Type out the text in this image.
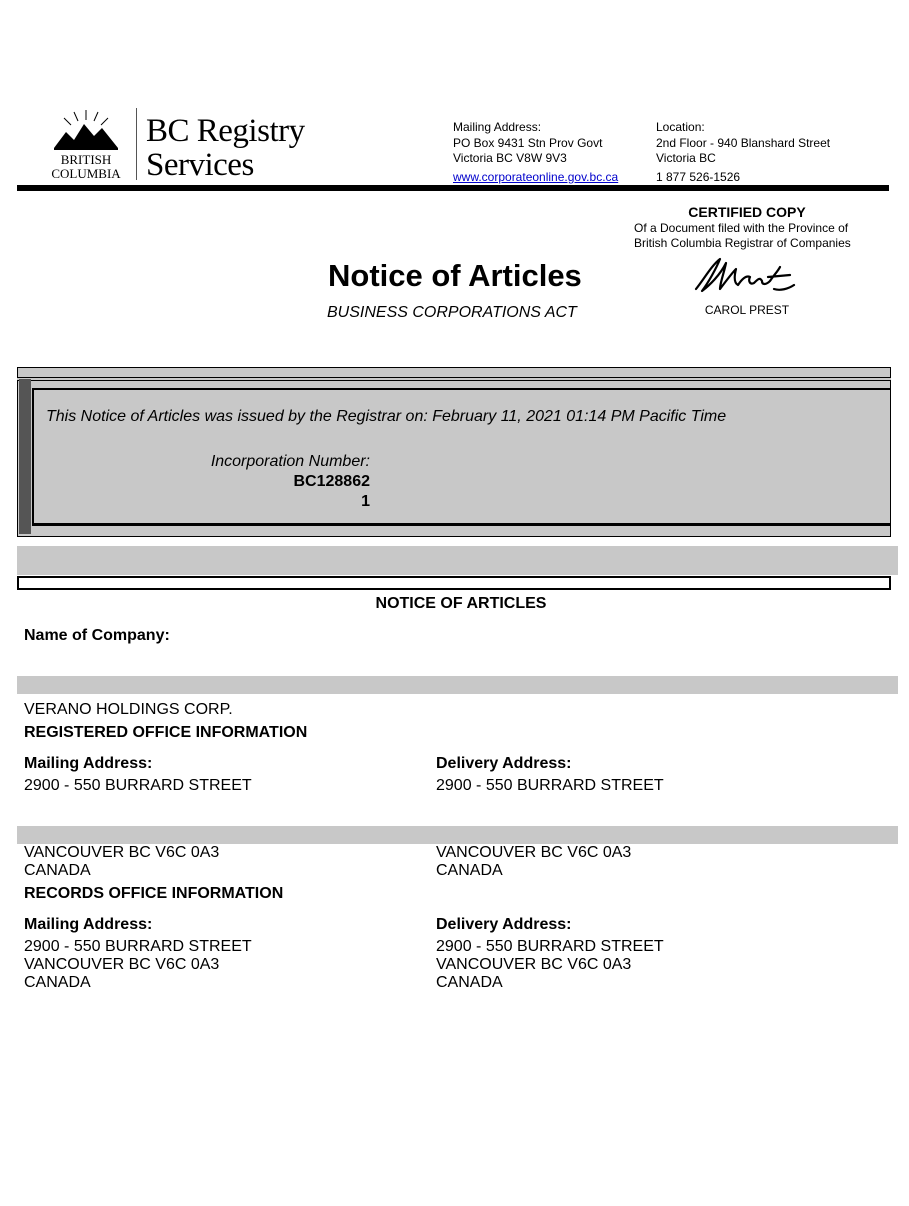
BRITISH
COLUMBIA
BC Registry
Services
Mailing Address:
PO Box 9431 Stn Prov Govt
Victoria BC V8W 9V3
www.corporateonline.gov.bc.ca
Location:
2nd Floor - 940 Blanshard Street
Victoria BC
1 877 526-1526
CERTIFIED COPY
Of a Document filed with the Province of
British Columbia Registrar of Companies
CAROL PREST
Notice of Articles
BUSINESS CORPORATIONS ACT
This Notice of Articles was issued by the Registrar on: February 11, 2021 01:14 PM Pacific Time
Incorporation Number:
BC128862
1
NOTICE OF ARTICLES
Name of Company:
VERANO HOLDINGS CORP.
REGISTERED OFFICE INFORMATION
Mailing Address:
2900 - 550 BURRARD STREET
Delivery Address:
2900 - 550 BURRARD STREET
VANCOUVER BC V6C 0A3
CANADA
VANCOUVER BC V6C 0A3
CANADA
RECORDS OFFICE INFORMATION
Mailing Address:
2900 - 550 BURRARD STREET
VANCOUVER BC V6C 0A3
CANADA
Delivery Address:
2900 - 550 BURRARD STREET
VANCOUVER BC V6C 0A3
CANADA
